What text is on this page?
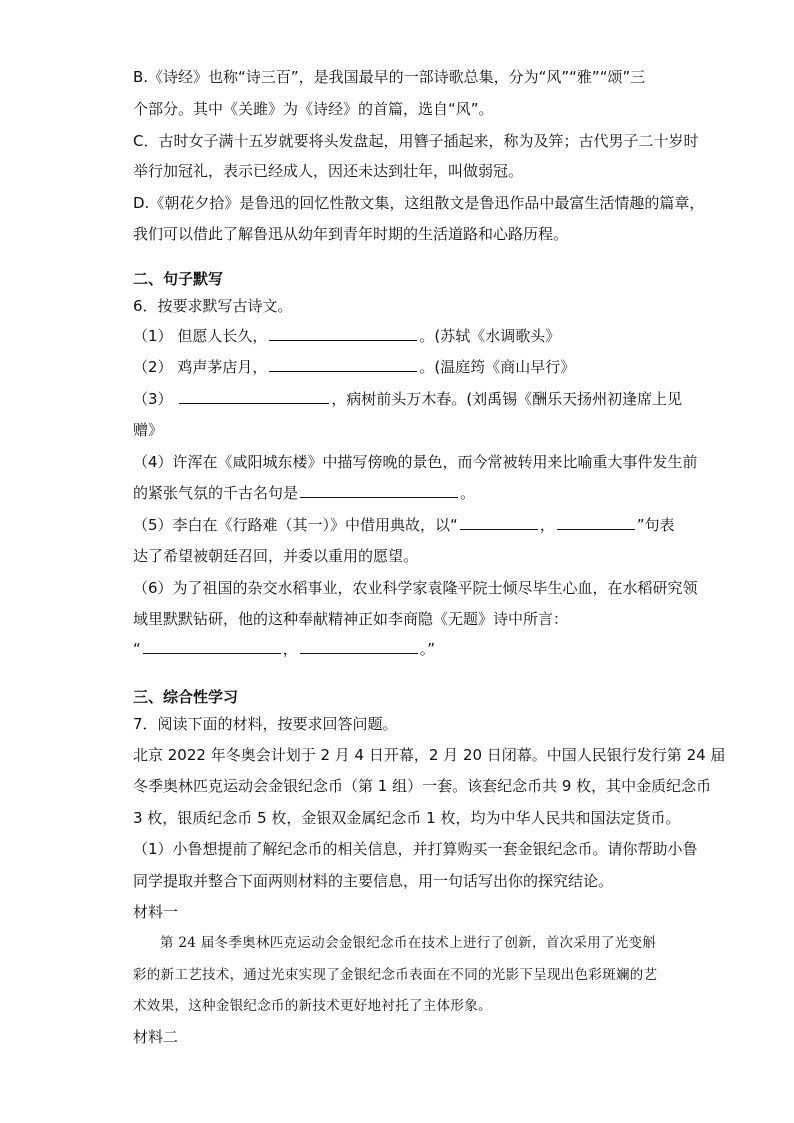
B.《诗经》也称“诗三百”，是我国最早的一部诗歌总集，分为“风”“雅”“颂”三
个部分。其中《关雎》为《诗经》的首篇，选自“风”。
C．古时女子满十五岁就要将头发盘起，用簪子插起来，称为及笄；古代男子二十岁时
举行加冠礼，表示已经成人，因还未达到壮年，叫做弱冠。
D.《朝花夕拾》是鲁迅的回忆性散文集，这组散文是鲁迅作品中最富生活情趣的篇章，
我们可以借此了解鲁迅从幼年到青年时期的生活道路和心路历程。
二、句子默写
6．按要求默写古诗文。
（1） 但愿人长久，	。(苏轼《水调歌头》
（2） 鸡声茅店月，	。(温庭筠《商山早行》
（3）	，病树前头万木春。(刘禹锡《酬乐天扬州初逢席上见
赠》
（4）许浑在《咸阳城东楼》中描写傍晚的景色，而今常被转用来比喻重大事件发生前
的紧张气氛的千古名句是	。
（5）李白在《行路难（其一）》中借用典故，以“	，	”句表
达了希望被朝廷召回，并委以重用的愿望。
（6）为了祖国的杂交水稻事业，农业科学家袁隆平院士倾尽毕生心血，在水稻研究领
域里默默钻研，他的这种奉献精神正如李商隐《无题》诗中所言：
“	，	。”
三、综合性学习
7．阅读下面的材料，按要求回答问题。
北京 2022 年冬奥会计划于 2 月 4 日开幕，2 月 20 日闭幕。中国人民银行发行第 24 届
冬季奥林匹克运动会金银纪念币（第 1 组）一套。该套纪念币共 9 枚，其中金质纪念币
3 枚，银质纪念币 5 枚，金银双金属纪念币 1 枚，均为中华人民共和国法定货币。
（1）小鲁想提前了解纪念币的相关信息，并打算购买一套金银纪念币。请你帮助小鲁
同学提取并整合下面两则材料的主要信息，用一句话写出你的探究结论。
材料一
第 24 届冬季奥林匹克运动会金银纪念币在技术上进行了创新，首次采用了光变斛
彩的新工艺技术，通过光束实现了金银纪念币表面在不同的光影下呈现出色彩斑斓的艺
术效果，这种金银纪念币的新技术更好地衬托了主体形象。
材料二
